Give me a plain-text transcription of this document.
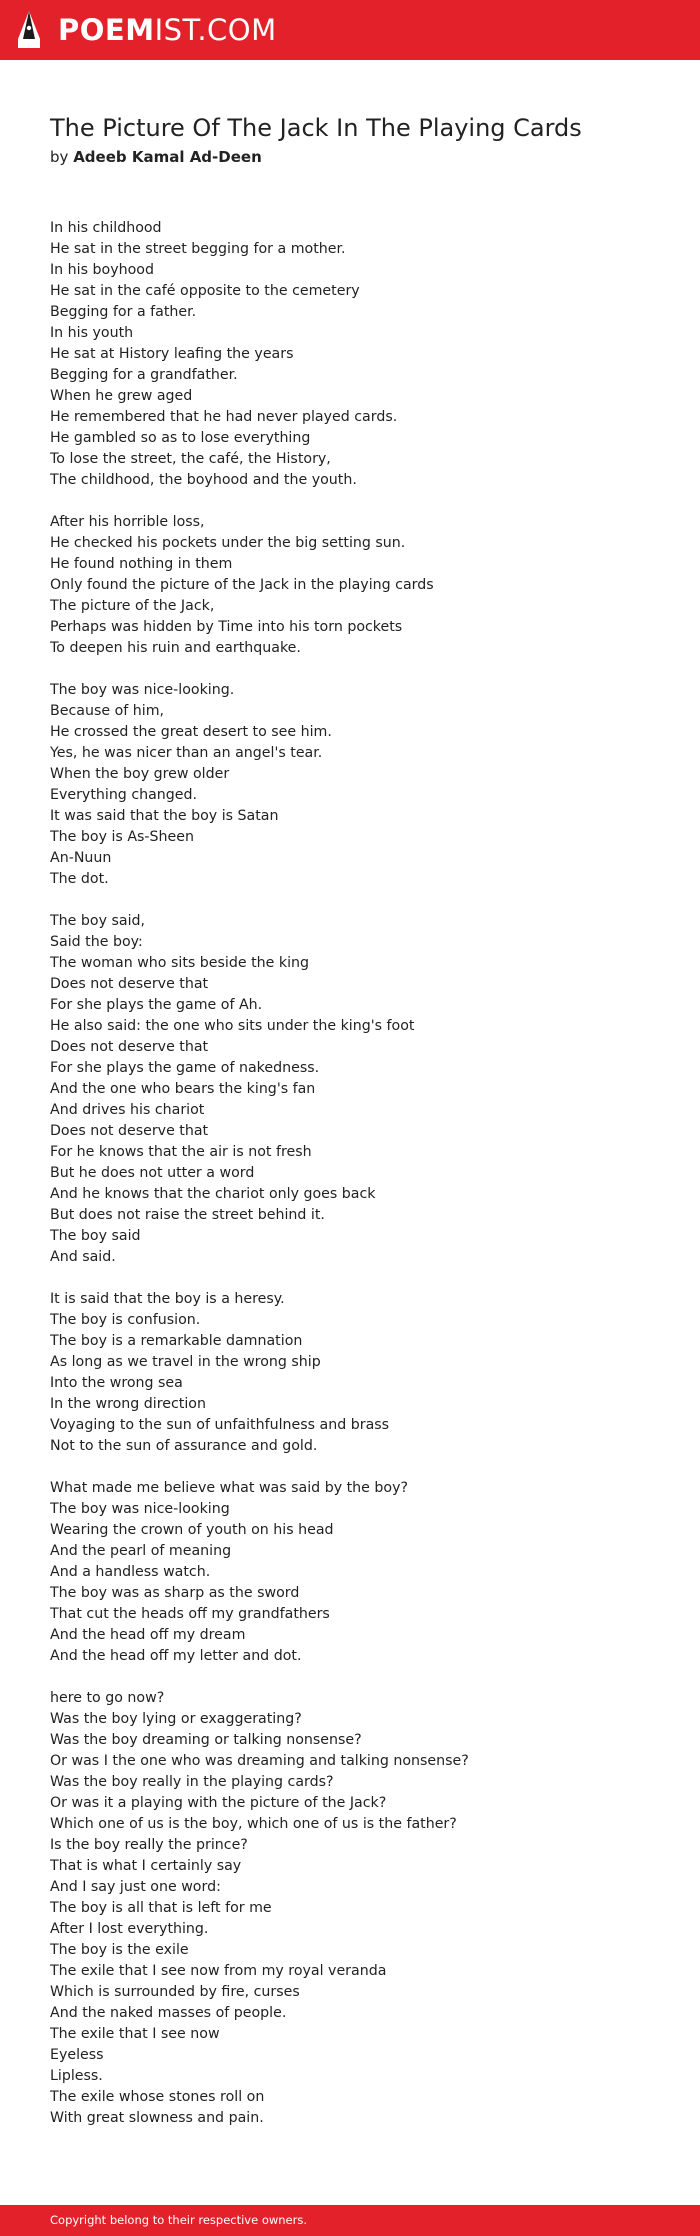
POEMIST.COM
The Picture Of The Jack In The Playing Cards
by Adeeb Kamal Ad-Deen
In his childhood
He sat in the street begging for a mother.
In his boyhood
He sat in the café opposite to the cemetery
Begging for a father.
In his youth
He sat at History leafing the years
Begging for a grandfather.
When he grew aged
He remembered that he had never played cards.
He gambled so as to lose everything
To lose the street, the café, the History,
The childhood, the boyhood and the youth.
After his horrible loss,
He checked his pockets under the big setting sun.
He found nothing in them
Only found the picture of the Jack in the playing cards
The picture of the Jack,
Perhaps was hidden by Time into his torn pockets
To deepen his ruin and earthquake.
The boy was nice-looking.
Because of him,
He crossed the great desert to see him.
Yes, he was nicer than an angel's tear.
When the boy grew older
Everything changed.
It was said that the boy is Satan
The boy is As-Sheen
An-Nuun
The dot.
The boy said,
Said the boy:
The woman who sits beside the king
Does not deserve that
For she plays the game of Ah.
He also said: the one who sits under the king's foot
Does not deserve that
For she plays the game of nakedness.
And the one who bears the king's fan
And drives his chariot
Does not deserve that
For he knows that the air is not fresh
But he does not utter a word
And he knows that the chariot only goes back
But does not raise the street behind it.
The boy said
And said.
It is said that the boy is a heresy.
The boy is confusion.
The boy is a remarkable damnation
As long as we travel in the wrong ship
Into the wrong sea
In the wrong direction
Voyaging to the sun of unfaithfulness and brass
Not to the sun of assurance and gold.
What made me believe what was said by the boy?
The boy was nice-looking
Wearing the crown of youth on his head
And the pearl of meaning
And a handless watch.
The boy was as sharp as the sword
That cut the heads off my grandfathers
And the head off my dream
And the head off my letter and dot.
here to go now?
Was the boy lying or exaggerating?
Was the boy dreaming or talking nonsense?
Or was I the one who was dreaming and talking nonsense?
Was the boy really in the playing cards?
Or was it a playing with the picture of the Jack?
Which one of us is the boy, which one of us is the father?
Is the boy really the prince?
That is what I certainly say
And I say just one word:
The boy is all that is left for me
After I lost everything.
The boy is the exile
The exile that I see now from my royal veranda
Which is surrounded by fire, curses
And the naked masses of people.
The exile that I see now
Eyeless
Lipless.
The exile whose stones roll on
With great slowness and pain.
Copyright belong to their respective owners.
